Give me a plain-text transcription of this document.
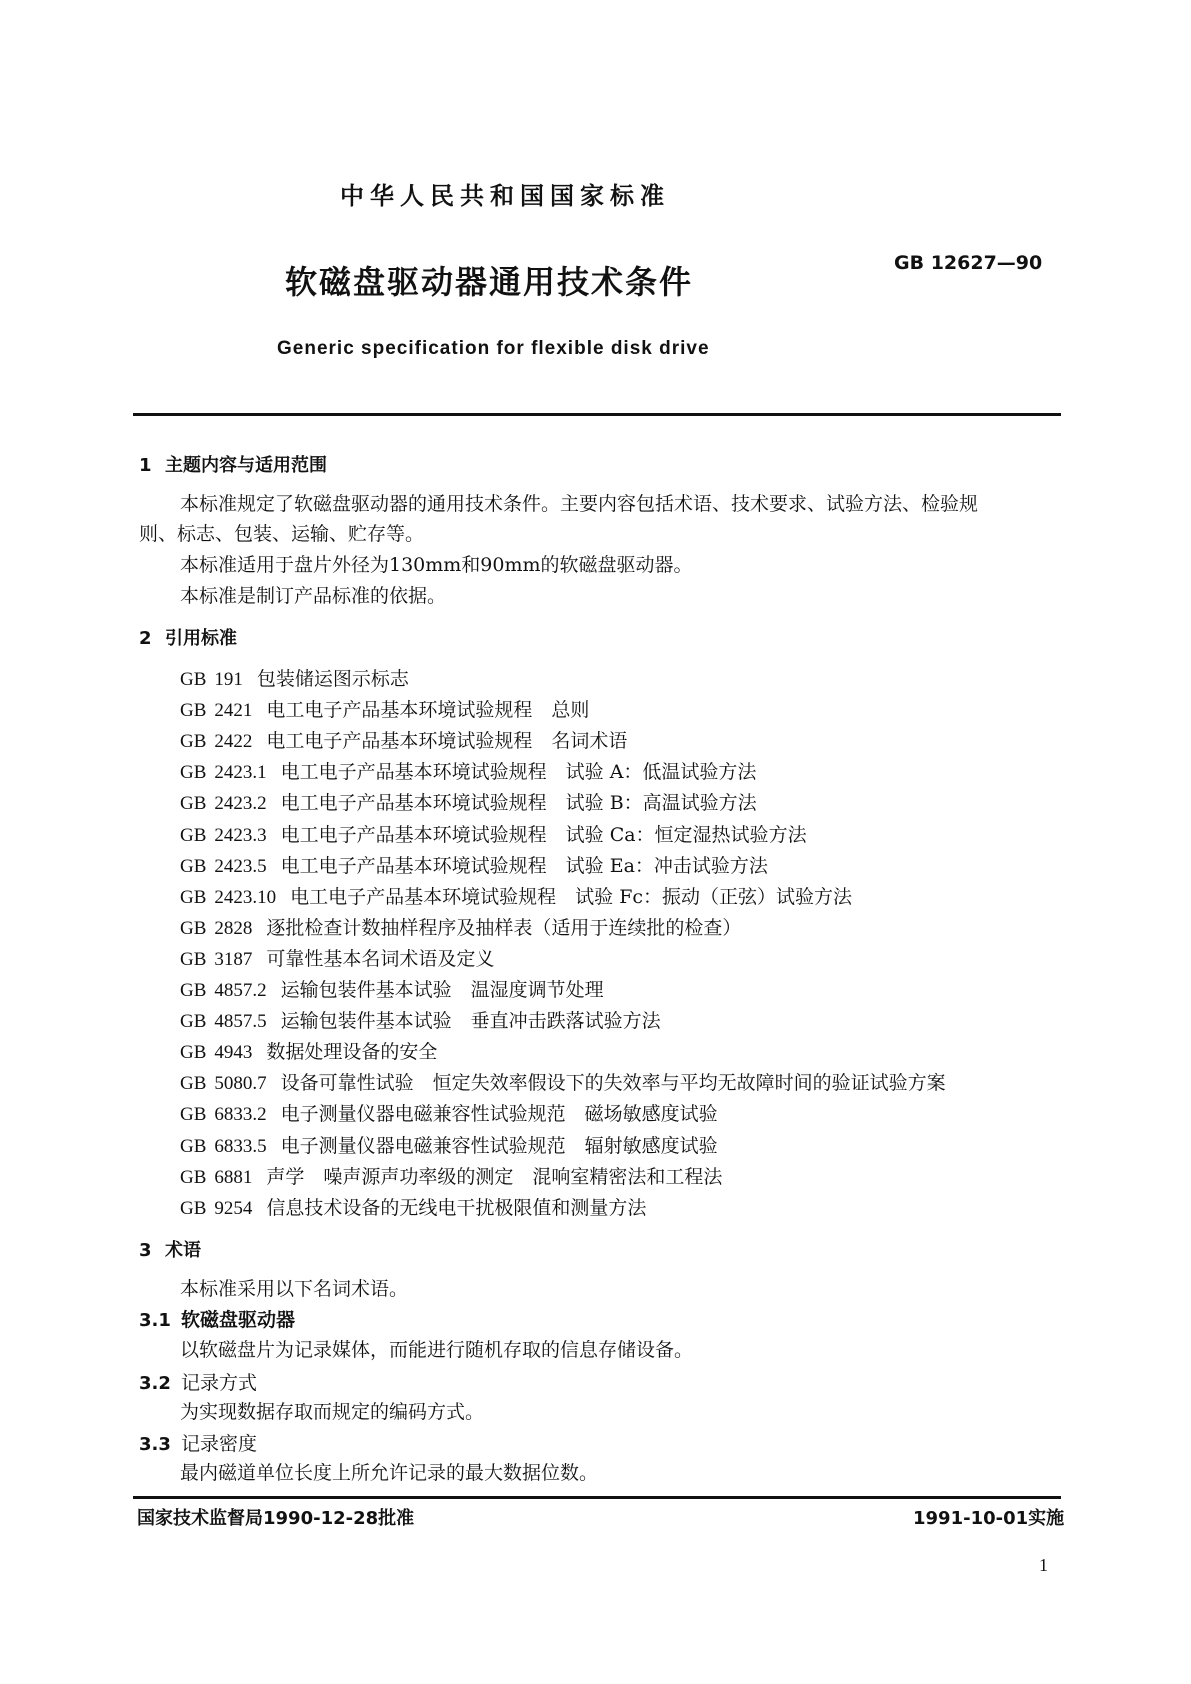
中华人民共和国国家标准
软磁盘驱动器通用技术条件	GB 12627—90
Generic specification for flexible disk drive
1 主题内容与适用范围
本标准规定了软磁盘驱动器的通用技术条件。主要内容包括术语、技术要求、试验方法、检验规
则、标志、包装、运输、贮存等。
本标准适用于盘片外径为130mm和90mm的软磁盘驱动器。
本标准是制订产品标准的依据。
2 引用标准
GB 191 包装储运图示标志
GB 2421 电工电子产品基本环境试验规程　总则
GB 2422 电工电子产品基本环境试验规程　名词术语
GB 2423.1 电工电子产品基本环境试验规程　试验 A：低温试验方法
GB 2423.2 电工电子产品基本环境试验规程　试验 B：高温试验方法
GB 2423.3 电工电子产品基本环境试验规程　试验 Ca：恒定湿热试验方法
GB 2423.5 电工电子产品基本环境试验规程　试验 Ea：冲击试验方法
GB 2423.10 电工电子产品基本环境试验规程　试验 Fc：振动（正弦）试验方法
GB 2828 逐批检查计数抽样程序及抽样表（适用于连续批的检查）
GB 3187 可靠性基本名词术语及定义
GB 4857.2 运输包装件基本试验　温湿度调节处理
GB 4857.5 运输包装件基本试验　垂直冲击跌落试验方法
GB 4943 数据处理设备的安全
GB 5080.7 设备可靠性试验　恒定失效率假设下的失效率与平均无故障时间的验证试验方案
GB 6833.2 电子测量仪器电磁兼容性试验规范　磁场敏感度试验
GB 6833.5 电子测量仪器电磁兼容性试验规范　辐射敏感度试验
GB 6881 声学　噪声源声功率级的测定　混响室精密法和工程法
GB 9254 信息技术设备的无线电干扰极限值和测量方法
3 术语
本标准采用以下名词术语。
3.1 软磁盘驱动器
以软磁盘片为记录媒体，而能进行随机存取的信息存储设备。
3.2 记录方式
为实现数据存取而规定的编码方式。
3.3 记录密度
最内磁道单位长度上所允许记录的最大数据位数。
国家技术监督局1990-12-28批准	1991-10-01实施
1
